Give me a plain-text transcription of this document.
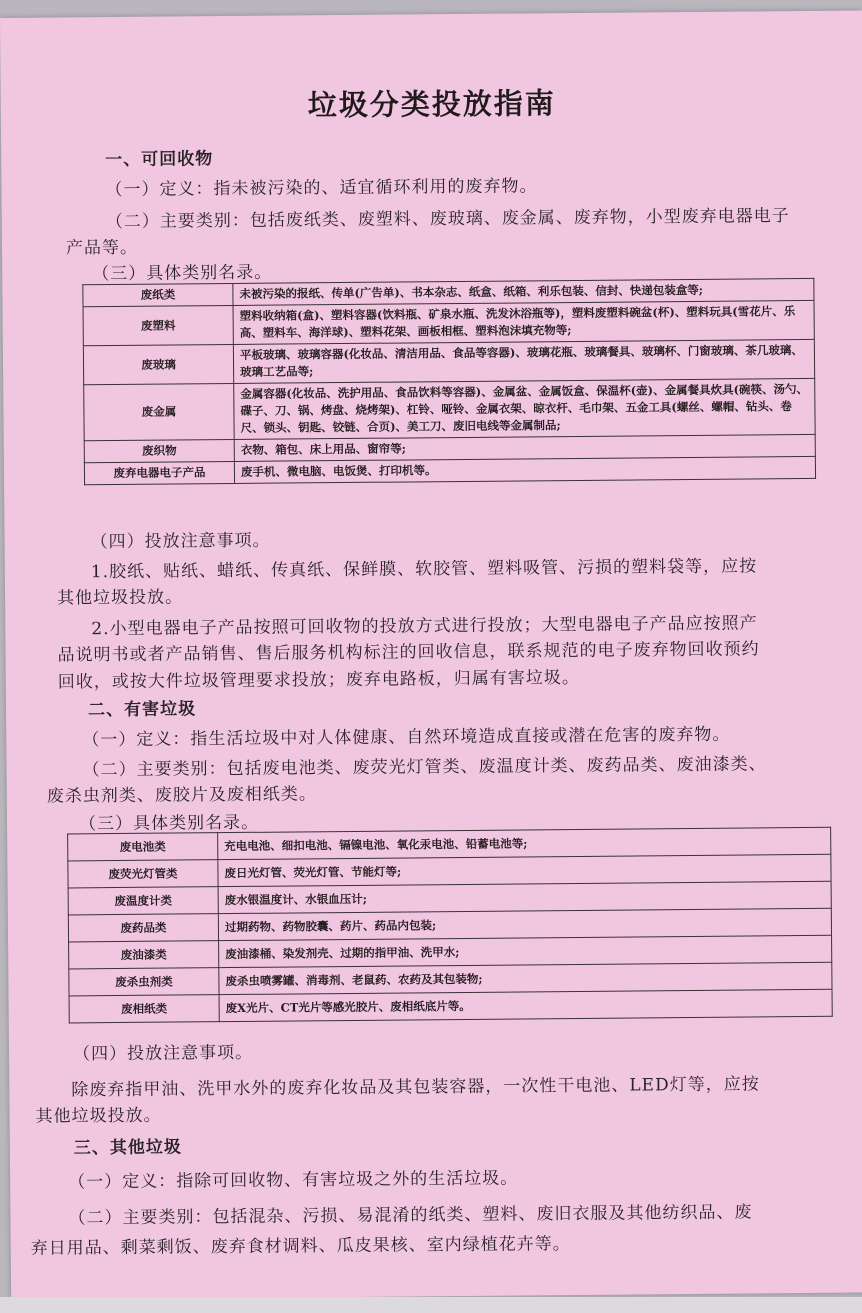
垃圾分类投放指南
一、可回收物
（一）定义：指未被污染的、适宜循环利用的废弃物。
（二）主要类别：包括废纸类、废塑料、废玻璃、废金属、废弃物，小型废弃电器电子
产品等。
（三）具体类别名录。
废纸类	未被污染的报纸、传单(广告单)、书本杂志、纸盒、纸箱、利乐包装、信封、快递包装盒等;
废塑料	塑料收纳箱(盒)、塑料容器(饮料瓶、矿泉水瓶、洗发沐浴瓶等)，塑料废塑料碗盆(杯)、塑料玩具(雪花片、乐高、塑料车、海洋球)、塑料花架、画板相框、塑料泡沫填充物等;
废玻璃	平板玻璃、玻璃容器(化妆品、清洁用品、食品等容器)、玻璃花瓶、玻璃餐具、玻璃杯、门窗玻璃、茶几玻璃、玻璃工艺品等;
废金属	金属容器(化妆品、洗护用品、食品饮料等容器)、金属盆、金属饭盒、保温杯(壶)、金属餐具炊具(碗筷、汤勺、碟子、刀、锅、烤盘、烧烤架)、杠铃、哑铃、金属衣架、晾衣杆、毛巾架、五金工具(螺丝、螺帽、钻头、卷尺、锁头、钥匙、铰链、合页)、美工刀、废旧电线等金属制品;
废织物	衣物、箱包、床上用品、窗帘等;
废弃电器电子产品	废手机、微电脑、电饭煲、打印机等。
（四）投放注意事项。
1.胶纸、贴纸、蜡纸、传真纸、保鲜膜、软胶管、塑料吸管、污损的塑料袋等，应按
其他垃圾投放。
2.小型电器电子产品按照可回收物的投放方式进行投放；大型电器电子产品应按照产
品说明书或者产品销售、售后服务机构标注的回收信息，联系规范的电子废弃物回收预约
回收，或按大件垃圾管理要求投放；废弃电路板，归属有害垃圾。
二、有害垃圾
（一）定义：指生活垃圾中对人体健康、自然环境造成直接或潜在危害的废弃物。
（二）主要类别：包括废电池类、废荧光灯管类、废温度计类、废药品类、废油漆类、
废杀虫剂类、废胶片及废相纸类。
（三）具体类别名录。
废电池类	充电电池、细扣电池、镉镍电池、氧化汞电池、铅蓄电池等;
废荧光灯管类	废日光灯管、荧光灯管、节能灯等;
废温度计类	废水银温度计、水银血压计;
废药品类	过期药物、药物胶囊、药片、药品内包装;
废油漆类	废油漆桶、染发剂壳、过期的指甲油、洗甲水;
废杀虫剂类	废杀虫喷雾罐、消毒剂、老鼠药、农药及其包装物;
废相纸类	废X光片、CT光片等感光胶片、废相纸底片等。
（四）投放注意事项。
除废弃指甲油、洗甲水外的废弃化妆品及其包装容器，一次性干电池、LED灯等，应按
其他垃圾投放。
三、其他垃圾
（一）定义：指除可回收物、有害垃圾之外的生活垃圾。
（二）主要类别：包括混杂、污损、易混淆的纸类、塑料、废旧衣服及其他纺织品、废
弃日用品、剩菜剩饭、废弃食材调料、瓜皮果核、室内绿植花卉等。
